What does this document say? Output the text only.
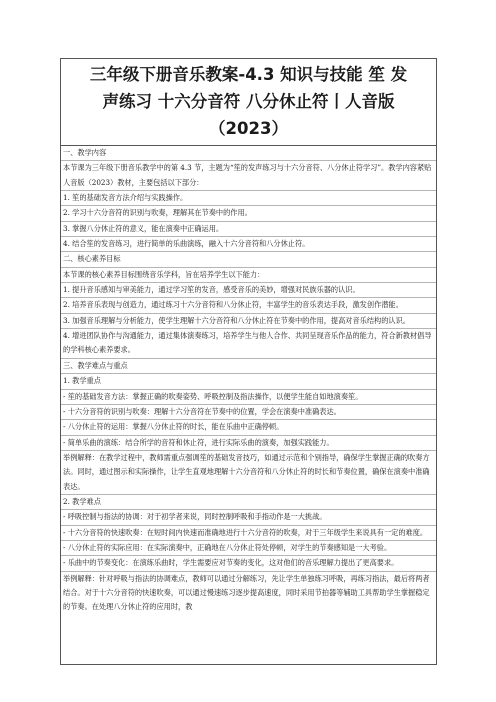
三年级下册音乐教案-4.3 知识与技能 笙 发
声练习 十六分音符 八分休止符丨人音版
（2023）
一、教学内容
本节课为三年级下册音乐教学中的第 4.3 节，主题为“笙的发声练习与十六分音符、八分休止符学习”。教学内容紧贴人音版（2023）教材，主要包括以下部分：
1. 笙的基础发音方法介绍与实践操作。
2. 学习十六分音符的识别与吹奏，理解其在节奏中的作用。
3. 掌握八分休止符的意义，能在演奏中正确运用。
4. 结合笙的发音练习，进行简单的乐曲演练，融入十六分音符和八分休止符。
二、核心素养目标
本节课的核心素养目标围绕音乐学科，旨在培养学生以下能力：
1. 提升音乐感知与审美能力，通过学习笙的发音，感受音乐的美妙，增强对民族乐器的认识。
2. 培养音乐表现与创造力，通过练习十六分音符和八分休止符，丰富学生的音乐表达手段，激发创作潜能。
3. 加强音乐理解与分析能力，使学生理解十六分音符和八分休止符在节奏中的作用，提高对音乐结构的认识。
4. 增进团队协作与沟通能力，通过集体演奏练习，培养学生与他人合作、共同呈现音乐作品的能力，符合新教材倡导的学科核心素养要求。
三、教学难点与重点
1. 教学重点
- 笙的基础发音方法：掌握正确的吹奏姿势、呼吸控制及指法操作，以便学生能自如地演奏笙。
- 十六分音符的识别与吹奏：理解十六分音符在节奏中的位置，学会在演奏中准确表达。
- 八分休止符的运用：掌握八分休止符的时长，能在乐曲中正确停顿。
- 简单乐曲的演练：结合所学的音符和休止符，进行实际乐曲的演奏，加强实践能力。
举例解释：在教学过程中，教师需重点强调笙的基础发音技巧，如通过示范和个别指导，确保学生掌握正确的吹奏方法。同时，通过图示和实际操作，让学生直观地理解十六分音符和八分休止符的时长和节奏位置，确保在演奏中准确表达。
2. 教学难点
- 呼吸控制与指法的协调：对于初学者来说，同时控制呼吸和手指动作是一大挑战。
- 十六分音符的快速吹奏：在短时间内快速而准确地进行十六分音符的吹奏，对于三年级学生来说具有一定的难度。
- 八分休止符的实际应用：在实际演奏中，正确地在八分休止符处停顿，对学生的节奏感知是一大考验。
- 乐曲中的节奏变化：在演练乐曲时，学生需要应对节奏的变化，这对他们的音乐理解力提出了更高要求。
举例解释：针对呼吸与指法的协调难点，教师可以通过分解练习，先让学生单独练习呼吸，再练习指法，最后将两者结合。对于十六分音符的快速吹奏，可以通过慢速练习逐步提高速度，同时采用节拍器等辅助工具帮助学生掌握稳定的节奏。在处理八分休止符的应用时，教
